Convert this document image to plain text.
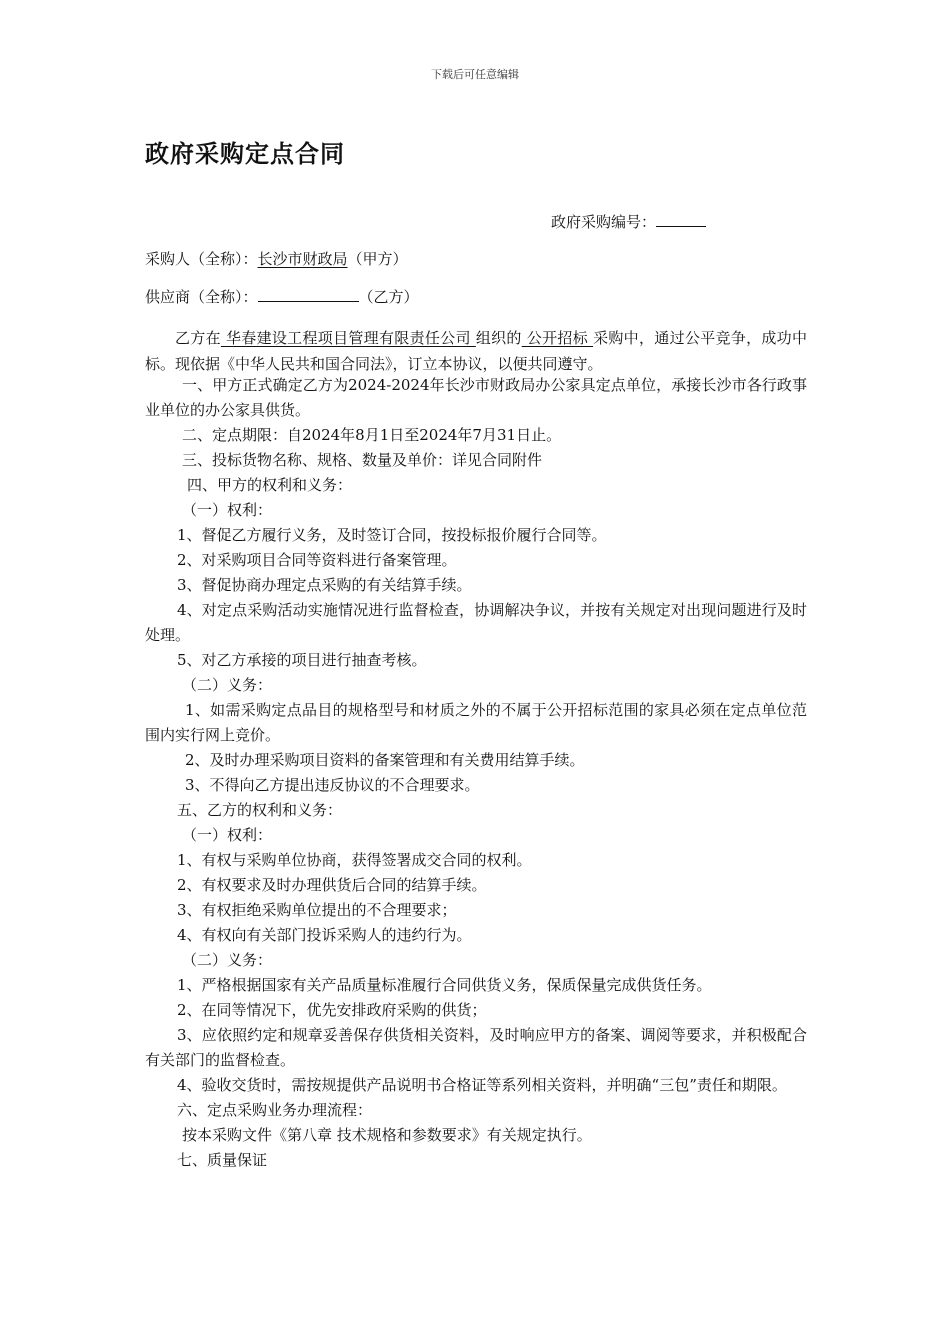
下载后可任意编辑
政府采购定点合同
政府采购编号：
采购人（全称）：长沙市财政局（甲方）
供应商（全称）：	（乙方）

乙方在 华春建设工程项目管理有限责任公司 组织的 公开招标 采购中，通过公平竞争，成功中标。现依据《中华人民共和国合同法》，订立本协议，以便共同遵守。

一、甲方正式确定乙方为2024-2024年长沙市财政局办公家具定点单位，承接长沙市各行政事业单位的办公家具供货。

二、定点期限：自2024年8月1日至2024年7月31日止。

三、投标货物名称、规格、数量及单价：详见合同附件

四、甲方的权利和义务：

（一）权利：

1、督促乙方履行义务，及时签订合同，按投标报价履行合同等。

2、对采购项目合同等资料进行备案管理。

3、督促协商办理定点采购的有关结算手续。

4、对定点采购活动实施情况进行监督检查，协调解决争议，并按有关规定对出现问题进行及时处理。

5、对乙方承接的项目进行抽查考核。

（二）义务：

1、如需采购定点品目的规格型号和材质之外的不属于公开招标范围的家具必须在定点单位范围内实行网上竞价。

2、及时办理采购项目资料的备案管理和有关费用结算手续。

3、不得向乙方提出违反协议的不合理要求。

五、乙方的权利和义务：

（一）权利：

1、有权与采购单位协商，获得签署成交合同的权利。

2、有权要求及时办理供货后合同的结算手续。

3、有权拒绝采购单位提出的不合理要求；

4、有权向有关部门投诉采购人的违约行为。

（二）义务：

1、严格根据国家有关产品质量标准履行合同供货义务，保质保量完成供货任务。

2、在同等情况下，优先安排政府采购的供货；

3、应依照约定和规章妥善保存供货相关资料，及时响应甲方的备案、调阅等要求，并积极配合有关部门的监督检查。

4、验收交货时，需按规提供产品说明书合格证等系列相关资料，并明确“三包”责任和期限。

六、定点采购业务办理流程：

按本采购文件《第八章 技术规格和参数要求》有关规定执行。

七、质量保证
